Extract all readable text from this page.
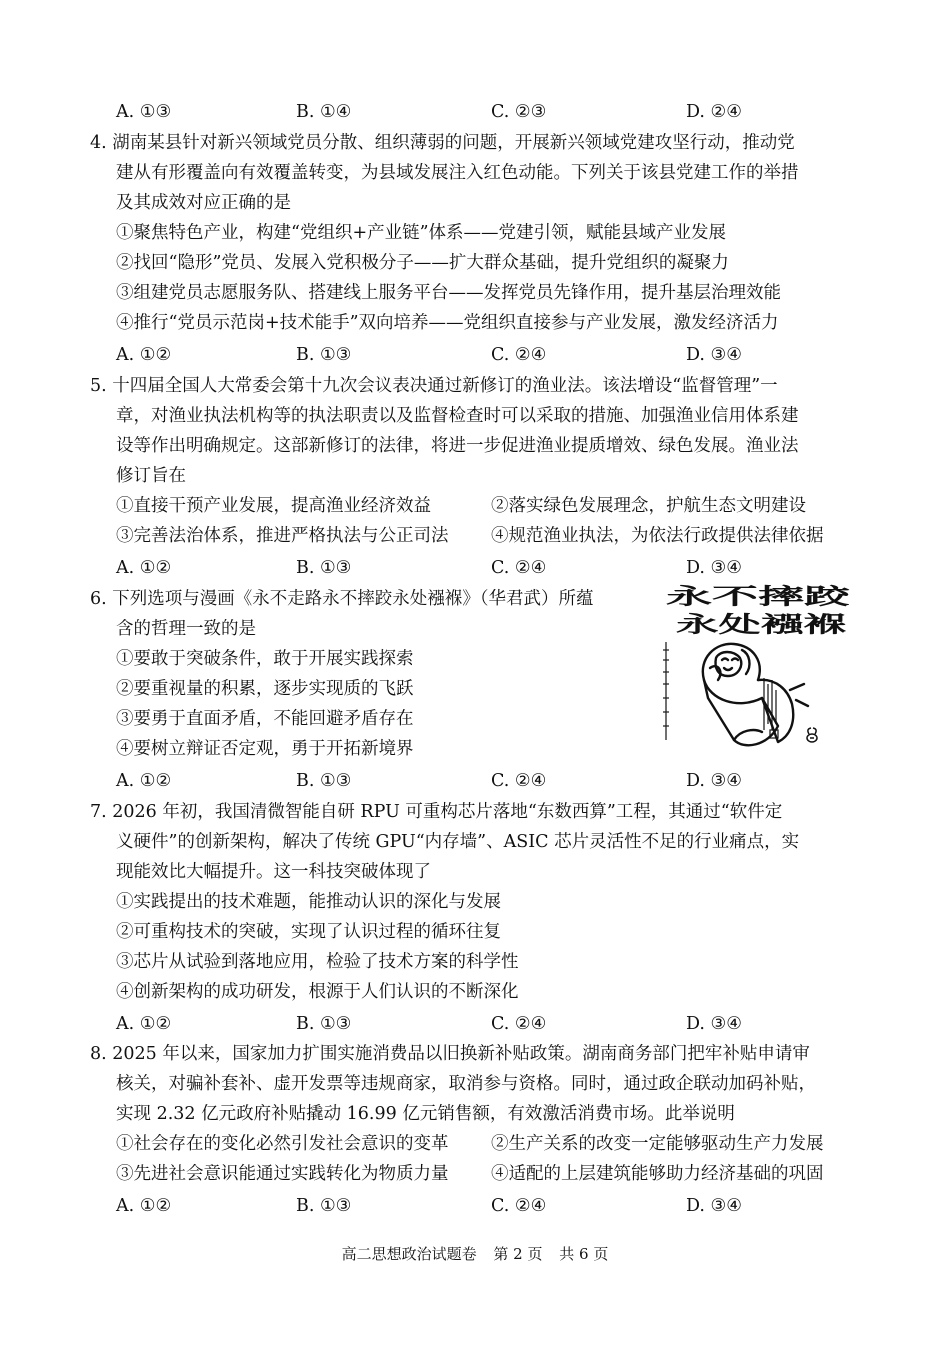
A. ①③	B. ①④	C. ②③	D. ②④
4. 湖南某县针对新兴领域党员分散、组织薄弱的问题，开展新兴领域党建攻坚行动，推动党
建从有形覆盖向有效覆盖转变，为县域发展注入红色动能。下列关于该县党建工作的举措
及其成效对应正确的是
①聚焦特色产业，构建“党组织+产业链”体系——党建引领，赋能县域产业发展
②找回“隐形”党员、发展入党积极分子——扩大群众基础，提升党组织的凝聚力
③组建党员志愿服务队、搭建线上服务平台——发挥党员先锋作用，提升基层治理效能
④推行“党员示范岗+技术能手”双向培养——党组织直接参与产业发展，激发经济活力
A. ①②	B. ①③	C. ②④	D. ③④
5. 十四届全国人大常委会第十九次会议表决通过新修订的渔业法。该法增设“监督管理”一
章，对渔业执法机构等的执法职责以及监督检查时可以采取的措施、加强渔业信用体系建
设等作出明确规定。这部新修订的法律，将进一步促进渔业提质增效、绿色发展。渔业法
修订旨在
①直接干预产业发展，提高渔业经济效益	②落实绿色发展理念，护航生态文明建设
③完善法治体系，推进严格执法与公正司法 ④规范渔业执法，为依法行政提供法律依据
A. ①②	B. ①③	C. ②④	D. ③④
6. 下列选项与漫画《永不走路永不摔跤永处襁褓》（华君武）所蕴
含的哲理一致的是
①要敢于突破条件，敢于开展实践探索
②要重视量的积累，逐步实现质的飞跃
③要勇于直面矛盾，不能回避矛盾存在
④要树立辩证否定观，勇于开拓新境界
A. ①②	B. ①③	C. ②④	D. ③④
永不摔跤
永处襁褓
7. 2026 年初，我国清微智能自研 RPU 可重构芯片落地“东数西算”工程，其通过“软件定
义硬件”的创新架构，解决了传统 GPU“内存墙”、ASIC 芯片灵活性不足的行业痛点，实
现能效比大幅提升。这一科技突破体现了
①实践提出的技术难题，能推动认识的深化与发展
②可重构技术的突破，实现了认识过程的循环往复
③芯片从试验到落地应用，检验了技术方案的科学性
④创新架构的成功研发，根源于人们认识的不断深化
A. ①②	B. ①③	C. ②④	D. ③④
8. 2025 年以来，国家加力扩围实施消费品以旧换新补贴政策。湖南商务部门把牢补贴申请审
核关，对骗补套补、虚开发票等违规商家，取消参与资格。同时，通过政企联动加码补贴，
实现 2.32 亿元政府补贴撬动 16.99 亿元销售额，有效激活消费市场。此举说明
①社会存在的变化必然引发社会意识的变革 ②生产关系的改变一定能够驱动生产力发展
③先进社会意识能通过实践转化为物质力量 ④适配的上层建筑能够助力经济基础的巩固
A. ①②	B. ①③	C. ②④	D. ③④
高二思想政治试题卷 第 2 页 共 6 页
